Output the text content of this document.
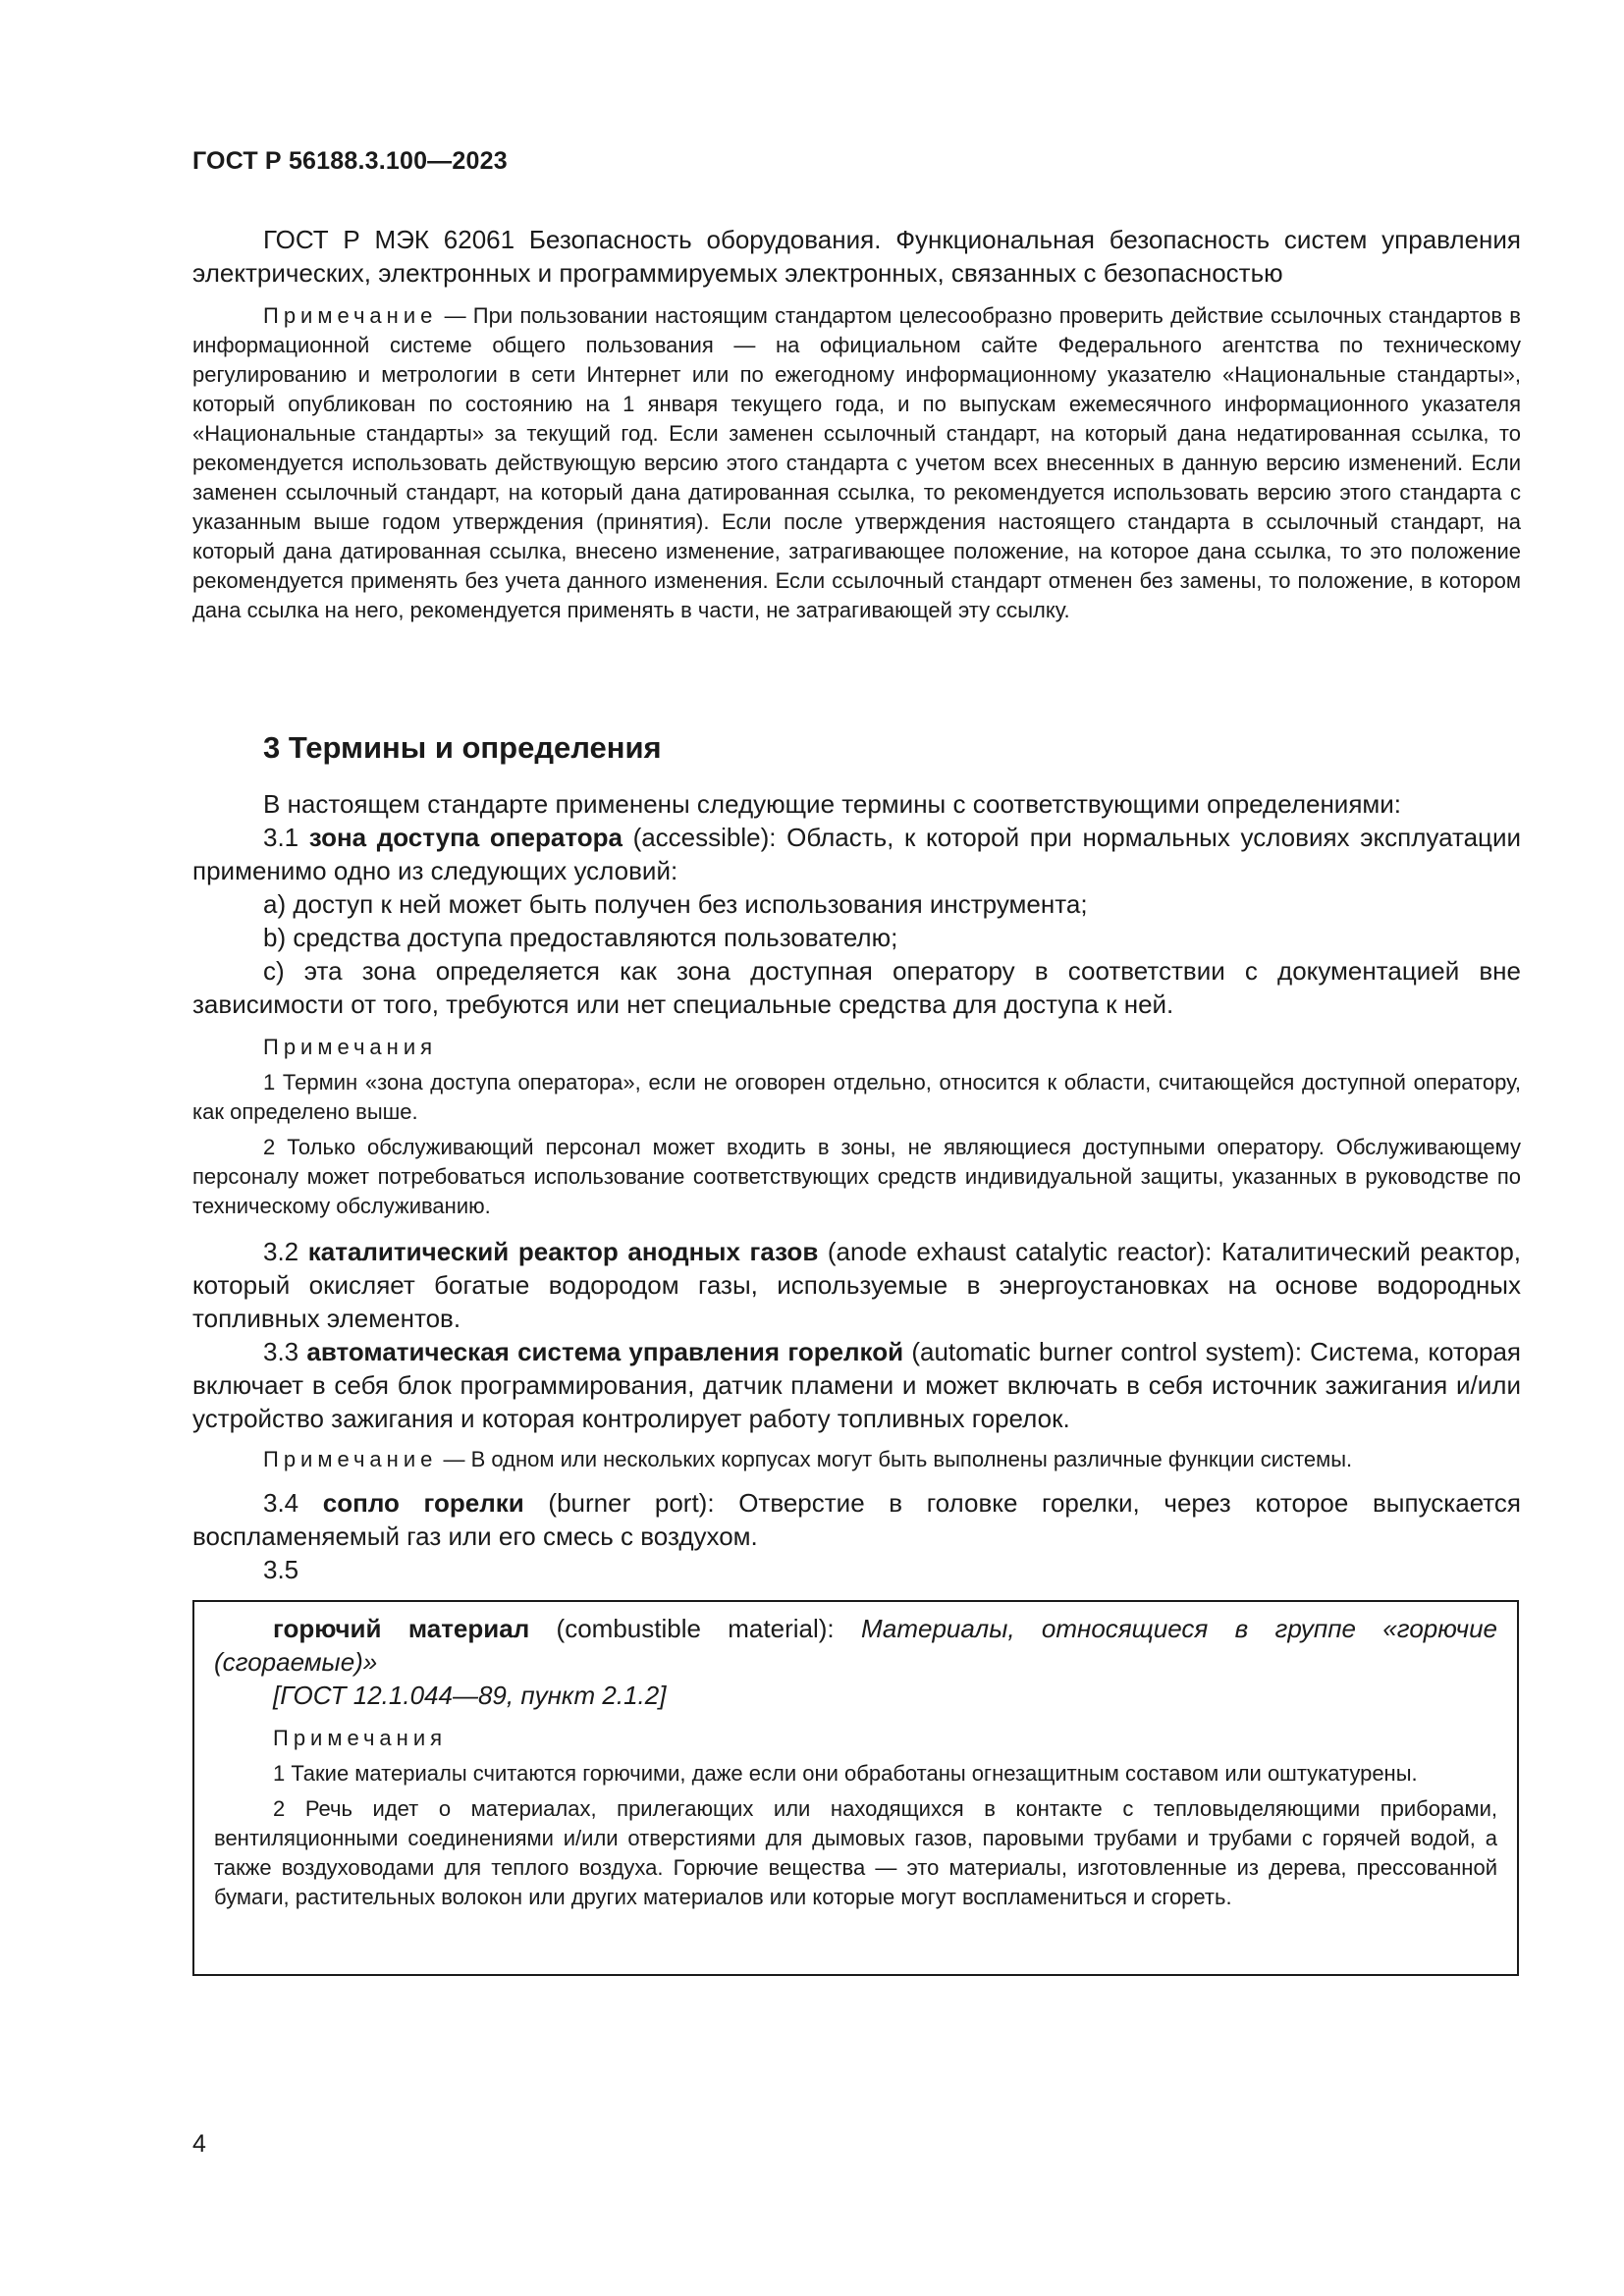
ГОСТ Р 56188.3.100—2023

ГОСТ Р МЭК 62061 Безопасность оборудования. Функциональная безопасность систем управления электрических, электронных и программируемых электронных, связанных с безопасностью

Примечание — При пользовании настоящим стандартом целесообразно проверить действие ссылочных стандартов в информационной системе общего пользования — на официальном сайте Федерального агентства по техническому регулированию и метрологии в сети Интернет или по ежегодному информационному указателю «Национальные стандарты», который опубликован по состоянию на 1 января текущего года, и по выпускам ежемесячного информационного указателя «Национальные стандарты» за текущий год. Если заменен ссылочный стандарт, на который дана недатированная ссылка, то рекомендуется использовать действующую версию этого стандарта с учетом всех внесенных в данную версию изменений. Если заменен ссылочный стандарт, на который дана датированная ссылка, то рекомендуется использовать версию этого стандарта с указанным выше годом утверждения (принятия). Если после утверждения настоящего стандарта в ссылочный стандарт, на который дана датированная ссылка, внесено изменение, затрагивающее положение, на которое дана ссылка, то это положение рекомендуется применять без учета данного изменения. Если ссылочный стандарт отменен без замены, то положение, в котором дана ссылка на него, рекомендуется применять в части, не затрагивающей эту ссылку.

3 Термины и определения

В настоящем стандарте применены следующие термины с соответствующими определениями:

3.1 зона доступа оператора (accessible): Область, к которой при нормальных условиях эксплуатации применимо одно из следующих условий:

a) доступ к ней может быть получен без использования инструмента;

b) средства доступа предоставляются пользователю;

c) эта зона определяется как зона доступная оператору в соответствии с документацией вне зависимости от того, требуются или нет специальные средства для доступа к ней.

Примечания

1 Термин «зона доступа оператора», если не оговорен отдельно, относится к области, считающейся доступной оператору, как определено выше.

2 Только обслуживающий персонал может входить в зоны, не являющиеся доступными оператору. Обслуживающему персоналу может потребоваться использование соответствующих средств индивидуальной защиты, указанных в руководстве по техническому обслуживанию.

3.2 каталитический реактор анодных газов (anode exhaust catalytic reactor): Каталитический реактор, который окисляет богатые водородом газы, используемые в энергоустановках на основе водородных топливных элементов.

3.3 автоматическая система управления горелкой (automatic burner control system): Система, которая включает в себя блок программирования, датчик пламени и может включать в себя источник зажигания и/или устройство зажигания и которая контролирует работу топливных горелок.

Примечание — В одном или нескольких корпусах могут быть выполнены различные функции системы.

3.4 сопло горелки (burner port): Отверстие в головке горелки, через которое выпускается воспламеняемый газ или его смесь с воздухом.

3.5

горючий материал (combustible material): Материалы, относящиеся в группе «горючие (сгораемые)»

[ГОСТ 12.1.044—89, пункт 2.1.2]

Примечания

1 Такие материалы считаются горючими, даже если они обработаны огнезащитным составом или оштукатурены.

2 Речь идет о материалах, прилегающих или находящихся в контакте с тепловыделяющими приборами, вентиляционными соединениями и/или отверстиями для дымовых газов, паровыми трубами и трубами с горячей водой, а также воздуховодами для теплого воздуха. Горючие вещества — это материалы, изготовленные из дерева, прессованной бумаги, растительных волокон или других материалов или которые могут воспламениться и сгореть.

4
